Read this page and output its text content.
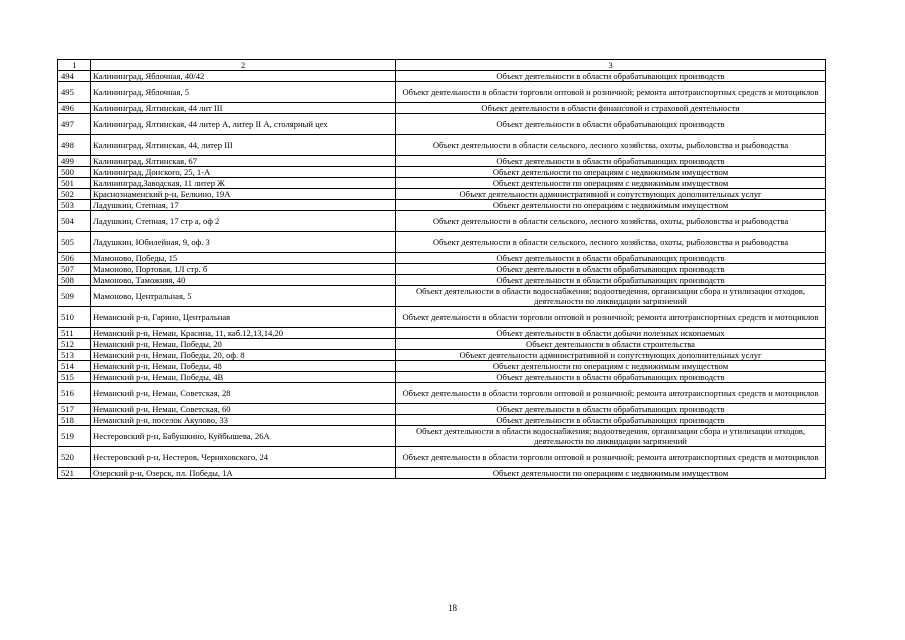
1	2	3
494	Калининград, Яблочная, 40/42	Объект деятельности в области обрабатывающих производств
495	Калининград, Яблочная, 5	Объект деятельности в области торговли оптовой и розничной; ремонта автотранспортных средств и мотоциклов
496	Калининград, Ялтинская, 44 лит III	Объект деятельности в области финансовой и страховой деятельности
497	Калининград, Ялтинская, 44 литер А, литер II А, столярный цех	Объект деятельности в области обрабатывающих производств
498	Калининград, Ялтинская, 44, литер III	Объект деятельности в области сельского, лесного хозяйства, охоты, рыболовства и рыбоводства
499	Калининград, Ялтинская, 67	Объект деятельности в области обрабатывающих производств
500	Калининград, Донского, 25, 1-А	Объект деятельности по операциям с недвижимым имуществом
501	Калининград,Заводская, 11 литер Ж	Объект деятельности по операциям с недвижимым имуществом
502	Краснознаменский р-н, Белкино, 19А	Объект деятельности административной и сопутствующих дополнительных услуг
503	Ладушкин, Степная, 17	Объект деятельности по операциям с недвижимым имуществом
504	Ладушкин, Степная, 17 стр а, оф 2	Объект деятельности в области сельского, лесного хозяйства, охоты, рыболовства и рыбоводства
505	Ладушкин, Юбилейная, 9, оф. 3	Объект деятельности в области сельского, лесного хозяйства, охоты, рыболовства и рыбоводства
506	Мамоново, Победы, 15	Объект деятельности в области обрабатывающих производств
507	Мамоново, Портовая, 1Л стр. б	Объект деятельности в области обрабатывающих производств
508	Мамоново, Таможняя, 40	Объект деятельности в области обрабатывающих производств
509	Мамоново, Центральная, 5	Объект деятельности в области водоснабжения; водоотведения, организации сбора и утилизации отходов, деятельности по ликвидации загрязнений
510	Неманский р-н, Гарино, Центральная	Объект деятельности в области торговли оптовой и розничной; ремонта автотранспортных средств и мотоциклов
511	Неманский р-н, Неман, Красина, 11, каб.12,13,14,20	Объект деятельности в области добычи полезных ископаемых
512	Неманский р-н, Неман, Победы, 20	Объект деятельности в области строительства
513	Неманский р-н, Неман, Победы, 20, оф. 8	Объект деятельности административной и сопутствующих дополнительных услуг
514	Неманский р-н, Неман, Победы, 48	Объект деятельности по операциям с недвижимым имуществом
515	Неманский р-н, Неман, Победы, 4В	Объект деятельности в области обрабатывающих производств
516	Неманский р-н, Неман, Советская, 28	Объект деятельности в области торговли оптовой и розничной; ремонта автотранспортных средств и мотоциклов
517	Неманский р-н, Неман, Советская, 60	Объект деятельности в области обрабатывающих производств
518	Неманский р-н, поселок Акулово, 33	Объект деятельности в области обрабатывающих производств
519	Нестеровский р-н, Бабушкино, Куйбышева, 26А	Объект деятельности в области водоснабжения; водоотведения, организации сбора и утилизации отходов, деятельности по ликвидации загрязнений
520	Нестеровский р-н, Нестеров, Черняховского, 24	Объект деятельности в области торговли оптовой и розничной; ремонта автотранспортных средств и мотоциклов
521	Озерский р-н, Озерск, пл. Победы, 1А	Объект деятельности по операциям с недвижимым имуществом
18
